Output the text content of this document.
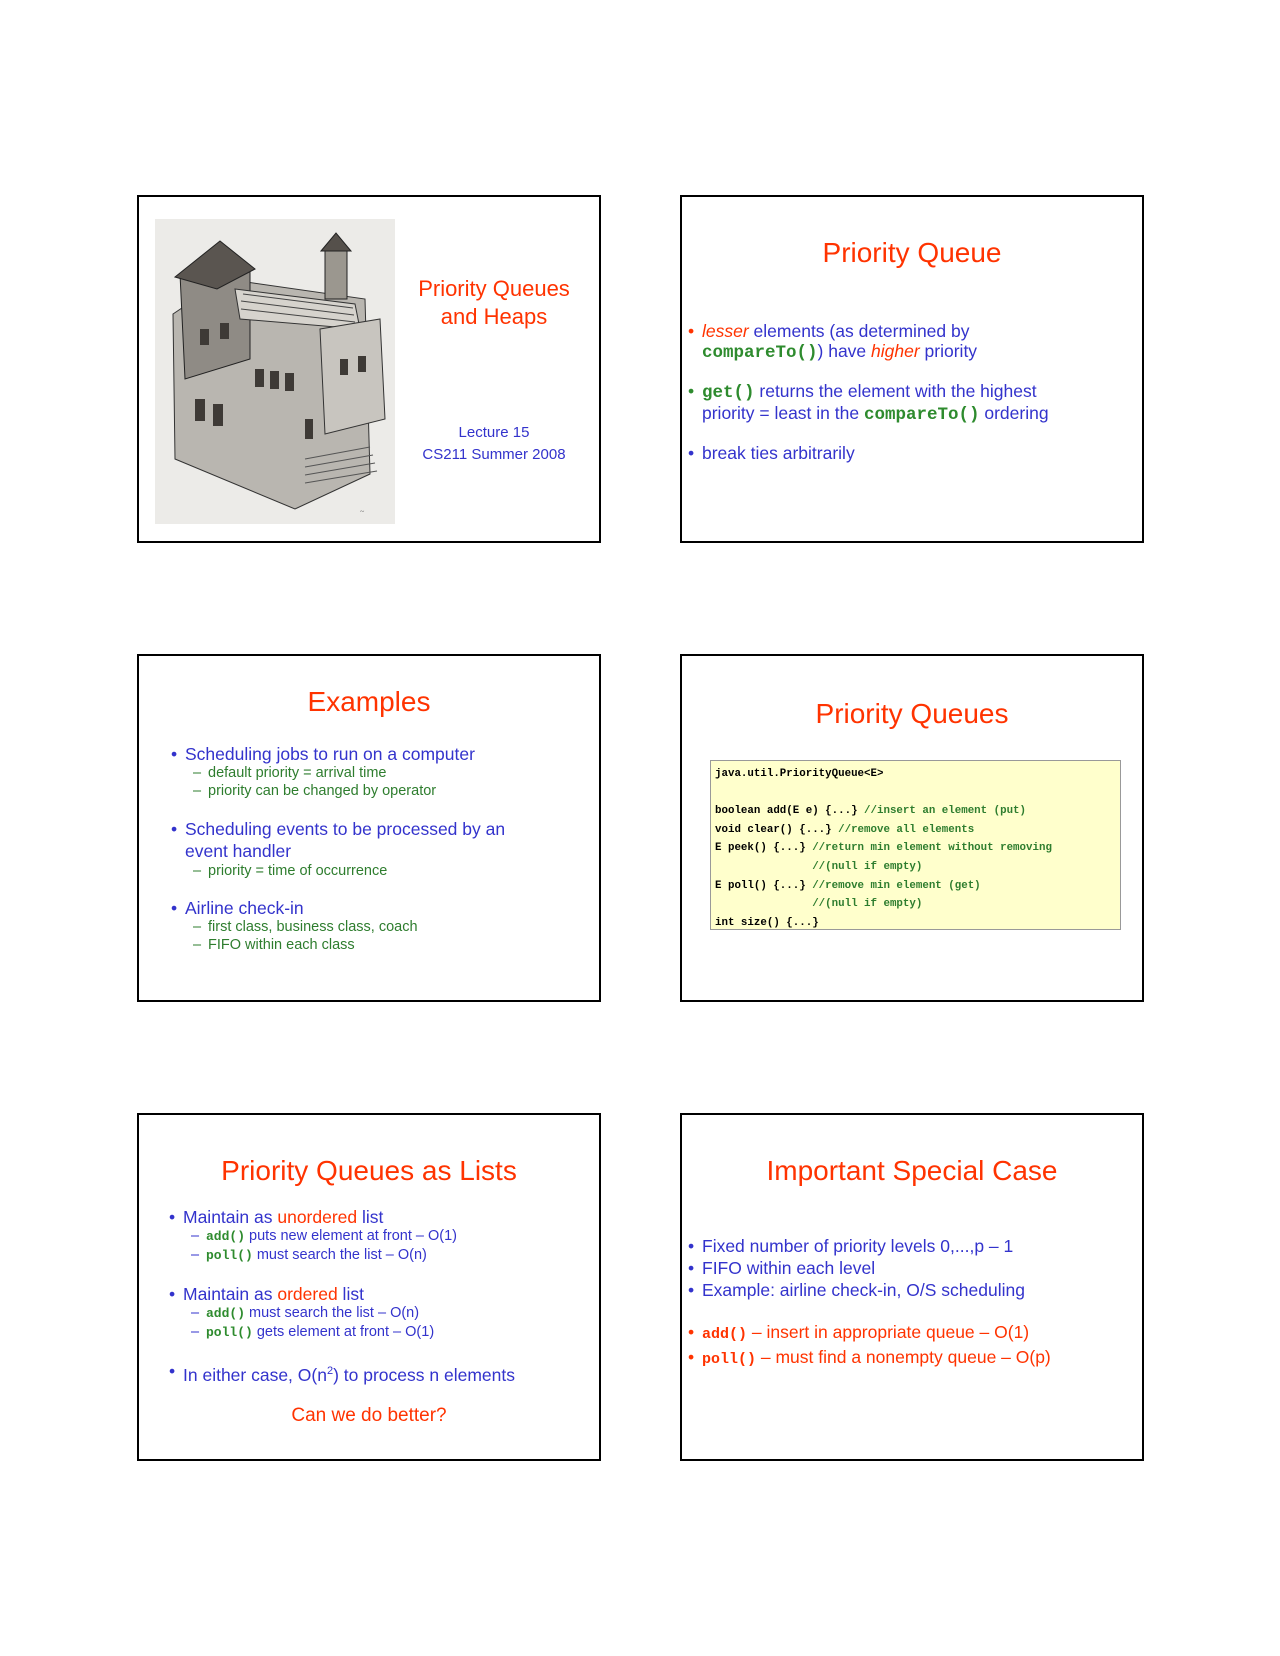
~
Priority Queues
and Heaps
Lecture 15
CS211 Summer 2008
Priority Queue
• lesser elements (as determined by
compareTo()) have higher priority
• get() returns the element with the highest
priority = least in the compareTo() ordering
• break ties arbitrarily
Examples
• Scheduling jobs to run on a computer
– default priority = arrival time
– priority can be changed by operator
• Scheduling events to be processed by an
event handler
– priority = time of occurrence
• Airline check-in
– first class, business class, coach
– FIFO within each class
Priority Queues
java.util.PriorityQueue<E>

boolean add(E e) {...} //insert an element (put)
void clear() {...} //remove all elements
E peek() {...} //return min element without removing
//(null if empty)
E poll() {...} //remove min element (get)
//(null if empty)
int size() {...}
Priority Queues as Lists
• Maintain as unordered list
– add() puts new element at front – O(1)
– poll() must search the list – O(n)
• Maintain as ordered list
– add() must search the list – O(n)
– poll() gets element at front – O(1)
• In either case, $O(n^2)$ to process n elements
Can we do better?
Important Special Case
• Fixed number of priority levels 0,...,p – 1
• FIFO within each level
• Example: airline check-in, O/S scheduling
• add() – insert in appropriate queue – O(1)
• poll() – must find a nonempty queue – O(p)
